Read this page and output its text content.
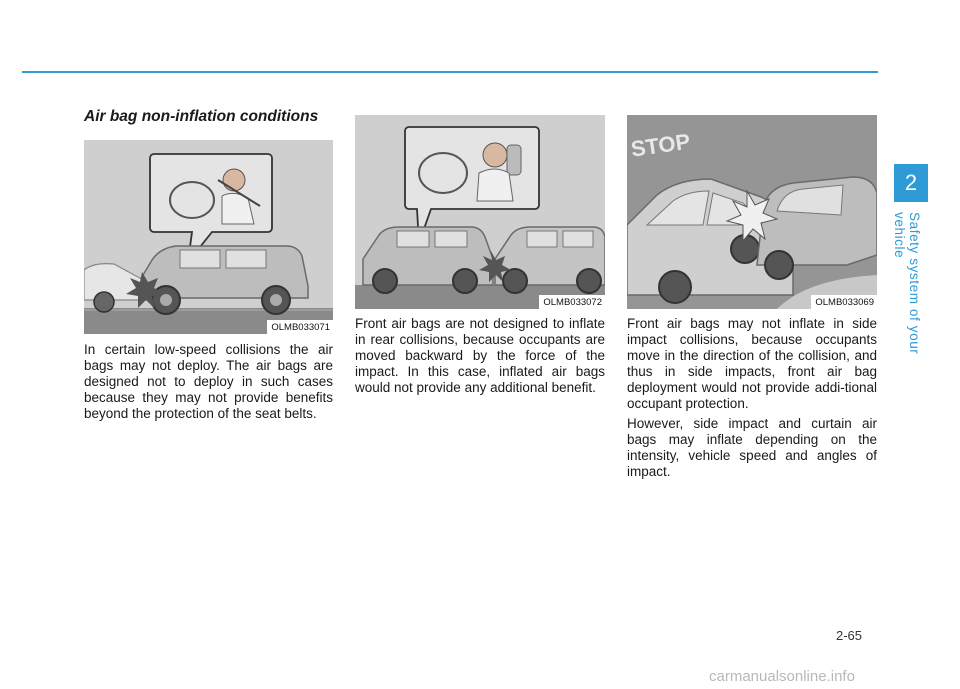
2
Safety system of your vehicle
Air bag non-inflation conditions
OLMB033071
OLMB033072
STOP
OLMB033069

In certain low-speed collisions the air bags may not deploy. The air bags are designed not to deploy in such cases because they may not provide benefits beyond the protection of the seat belts.

Front air bags are not designed to inflate in rear collisions, because occupants are moved backward by the force of the impact. In this case, inflated air bags would not provide any additional benefit.

Front air bags may not inflate in side impact collisions, because occupants move in the direction of the collision, and thus in side impacts, front air bag deployment would not provide addi-tional occupant protection.

However, side impact and curtain air bags may inflate depending on the intensity, vehicle speed and angles of impact.

2-65
carmanualsonline.info
